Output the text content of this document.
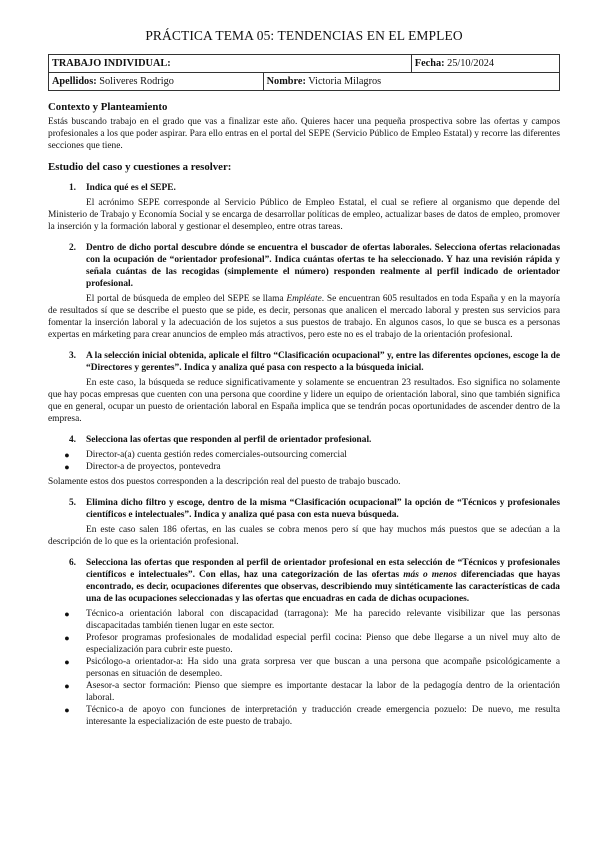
PRÁCTICA TEMA 05: TENDENCIAS EN EL EMPLEO
TRABAJO INDIVIDUAL:		Fecha: 25/10/2024
Apellidos: Soliveres Rodrigo	Nombre: Victoria Milagros	
Contexto y Planteamiento

Estás buscando trabajo en el grado que vas a finalizar este año. Quieres hacer una pequeña prospectiva sobre las ofertas y campos profesionales a los que poder aspirar. Para ello entras en el portal del SEPE (Servicio Público de Empleo Estatal) y recorre las diferentes secciones que tiene.

Estudio del caso y cuestiones a resolver:
1.	Indica qué es el SEPE.

El acrónimo SEPE corresponde al Servicio Público de Empleo Estatal, el cual se refiere al organismo que depende del Ministerio de Trabajo y Economía Social y se encarga de desarrollar políticas de empleo, actualizar bases de datos de empleo, promover la inserción y la formación laboral y gestionar el desempleo, entre otras tareas.

2.	Dentro de dicho portal descubre dónde se encuentra el buscador de ofertas laborales. Selecciona ofertas relacionadas con la ocupación de “orientador profesional”. Indica cuántas ofertas te ha seleccionado. Y haz una revisión rápida y señala cuántas de las recogidas (simplemente el número) responden realmente al perfil indicado de orientador profesional.

El portal de búsqueda de empleo del SEPE se llama Empléate. Se encuentran 605 resultados en toda España y en la mayoría de resultados sí que se describe el puesto que se pide, es decir, personas que analicen el mercado laboral y presten sus servicios para fomentar la inserción laboral y la adecuación de los sujetos a sus puestos de trabajo. En algunos casos, lo que se busca es a personas expertas en márketing para crear anuncios de empleo más atractivos, pero este no es el trabajo de la orientación profesional.

3.	A la selección inicial obtenida, aplicale el filtro “Clasificación ocupacional” y, entre las diferentes opciones, escoge la de “Directores y gerentes”. Indica y analiza qué pasa con respecto a la búsqueda inicial.

En este caso, la búsqueda se reduce significativamente y solamente se encuentran 23 resultados. Eso significa no solamente que hay pocas empresas que cuenten con una persona que coordine y lidere un equipo de orientación laboral, sino que también significa que en general, ocupar un puesto de orientación laboral en España implica que se tendrán pocas oportunidades de ascender dentro de la empresa.

4.	Selecciona las ofertas que responden al perfil de orientador profesional.
●	Director-a(a) cuenta gestión redes comerciales-outsourcing comercial
●	Director-a de proyectos, pontevedra

Solamente estos dos puestos corresponden a la descripción real del puesto de trabajo buscado.

5.	Elimina dicho filtro y escoge, dentro de la misma “Clasificación ocupacional” la opción de “Técnicos y profesionales científicos e intelectuales”. Indica y analiza qué pasa con esta nueva búsqueda.

En este caso salen 186 ofertas, en las cuales se cobra menos pero sí que hay muchos más puestos que se adecúan a la descripción de lo que es la orientación profesional.

6.	Selecciona las ofertas que responden al perfil de orientador profesional en esta selección de “Técnicos y profesionales científicos e intelectuales”. Con ellas, haz una categorización de las ofertas más o menos diferenciadas que hayas encontrado, es decir, ocupaciones diferentes que observas, describiendo muy sintéticamente las características de cada una de las ocupaciones seleccionadas y las ofertas que encuadras en cada de dichas ocupaciones.
●	Técnico-a orientación laboral con discapacidad (tarragona): Me ha parecido relevante visibilizar que las personas discapacitadas también tienen lugar en este sector.
●	Profesor programas profesionales de modalidad especial perfil cocina: Pienso que debe llegarse a un nivel muy alto de especialización para cubrir este puesto.
●	Psicólogo-a orientador-a: Ha sido una grata sorpresa ver que buscan a una persona que acompañe psicológicamente a personas en situación de desempleo.
●	Asesor-a sector formación: Pienso que siempre es importante destacar la labor de la pedagogía dentro de la orientación laboral.
●	Técnico-a de apoyo con funciones de interpretación y traducción creade emergencia pozuelo: De nuevo, me resulta interesante la especialización de este puesto de trabajo.
